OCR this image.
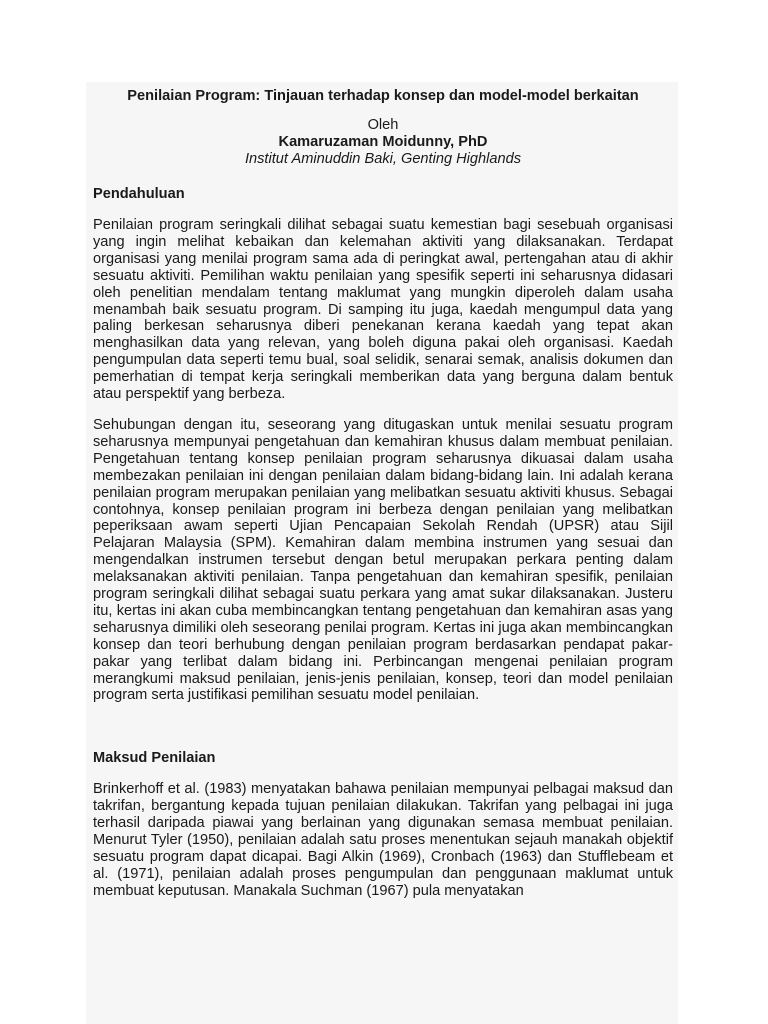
Penilaian Program: Tinjauan terhadap konsep dan model-model berkaitan
Oleh
Kamaruzaman Moidunny, PhD
Institut Aminuddin Baki, Genting Highlands
Pendahuluan

Penilaian program seringkali dilihat sebagai suatu kemestian bagi sesebuah organisasi yang ingin melihat kebaikan dan kelemahan aktiviti yang dilaksanakan. Terdapat organisasi yang menilai program sama ada di peringkat awal, pertengahan atau di akhir sesuatu aktiviti. Pemilihan waktu penilaian yang spesifik seperti ini seharusnya didasari oleh penelitian mendalam tentang maklumat yang mungkin diperoleh dalam usaha menambah baik sesuatu program. Di samping itu juga, kaedah mengumpul data yang paling berkesan seharusnya diberi penekanan kerana kaedah yang tepat akan menghasilkan data yang relevan, yang boleh diguna pakai oleh organisasi. Kaedah pengumpulan data seperti temu bual, soal selidik, senarai semak, analisis dokumen dan pemerhatian di tempat kerja seringkali memberikan data yang berguna dalam bentuk atau perspektif yang berbeza.

Sehubungan dengan itu, seseorang yang ditugaskan untuk menilai sesuatu program seharusnya mempunyai pengetahuan dan kemahiran khusus dalam membuat penilaian. Pengetahuan tentang konsep penilaian program seharusnya dikuasai dalam usaha membezakan penilaian ini dengan penilaian dalam bidang-bidang lain. Ini adalah kerana penilaian program merupakan penilaian yang melibatkan sesuatu aktiviti khusus. Sebagai contohnya, konsep penilaian program ini berbeza dengan penilaian yang melibatkan peperiksaan awam seperti Ujian Pencapaian Sekolah Rendah (UPSR) atau Sijil Pelajaran Malaysia (SPM). Kemahiran dalam membina instrumen yang sesuai dan mengendalkan instrumen tersebut dengan betul merupakan perkara penting dalam melaksanakan aktiviti penilaian. Tanpa pengetahuan dan kemahiran spesifik, penilaian program seringkali dilihat sebagai suatu perkara yang amat sukar dilaksanakan. Justeru itu, kertas ini akan cuba membincangkan tentang pengetahuan dan kemahiran asas yang seharusnya dimiliki oleh seseorang penilai program. Kertas ini juga akan membincangkan konsep dan teori berhubung dengan penilaian program berdasarkan pendapat pakar-pakar yang terlibat dalam bidang ini. Perbincangan mengenai penilaian program merangkumi maksud penilaian, jenis-jenis penilaian, konsep, teori dan model penilaian program serta justifikasi pemilihan sesuatu model penilaian.

Maksud Penilaian

Brinkerhoff et al. (1983) menyatakan bahawa penilaian mempunyai pelbagai maksud dan takrifan, bergantung kepada tujuan penilaian dilakukan. Takrifan yang pelbagai ini juga terhasil daripada piawai yang berlainan yang digunakan semasa membuat penilaian. Menurut Tyler (1950), penilaian adalah satu proses menentukan sejauh manakah objektif sesuatu program dapat dicapai. Bagi Alkin (1969), Cronbach (1963) dan Stufflebeam et al. (1971), penilaian adalah proses pengumpulan dan penggunaan maklumat untuk membuat keputusan. Manakala Suchman (1967) pula menyatakan
